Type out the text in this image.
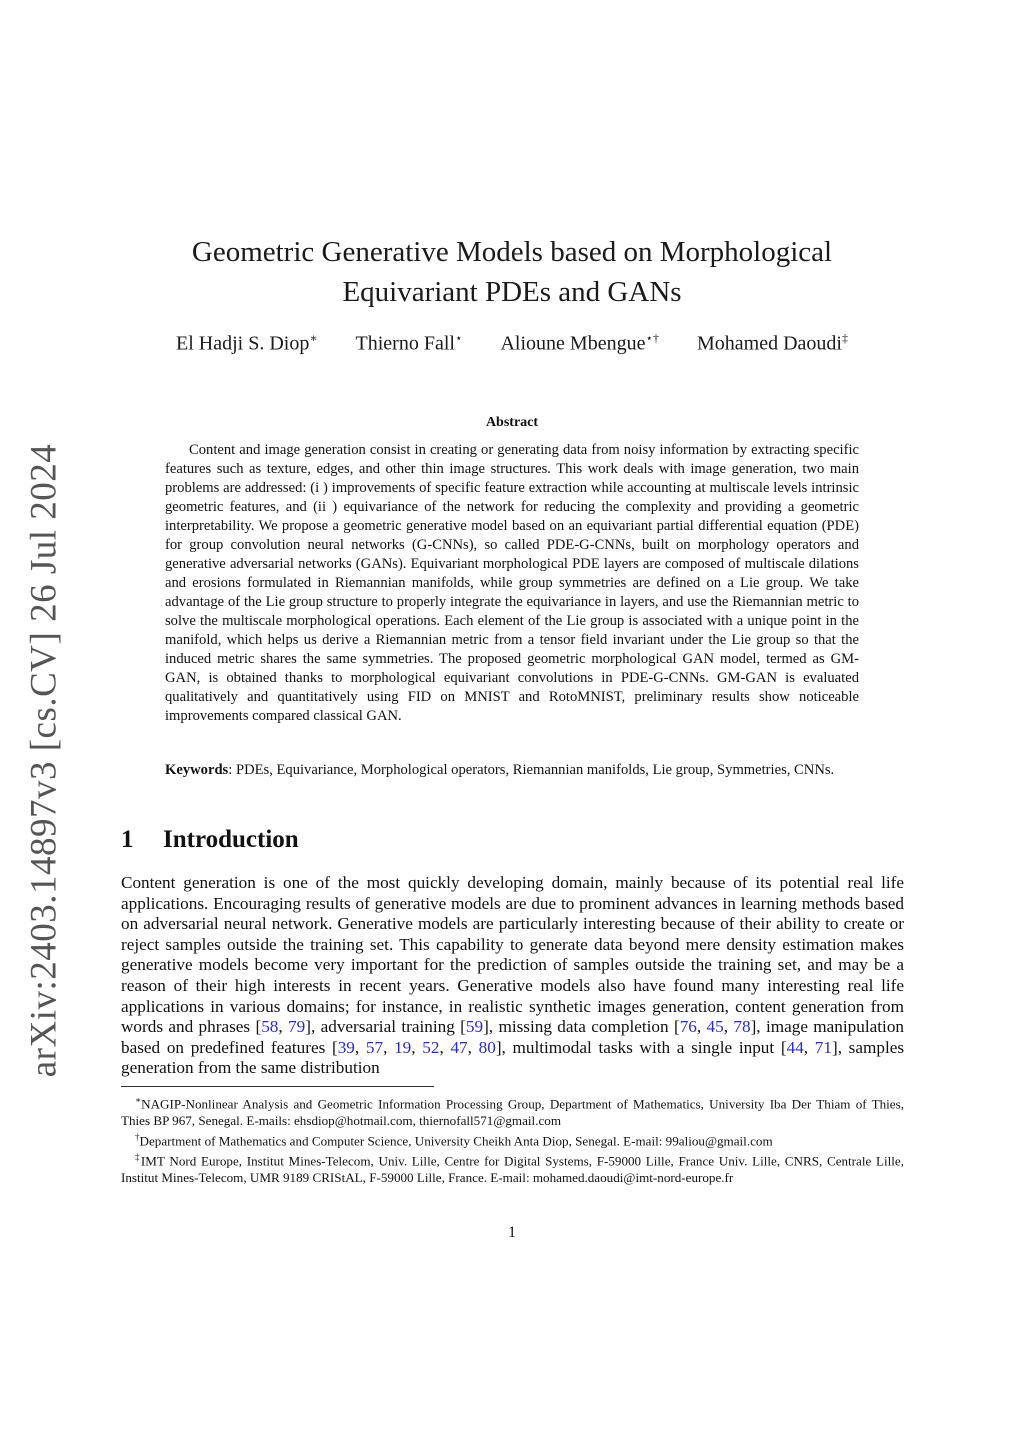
arXiv:2403.14897v3 [cs.CV] 26 Jul 2024
Geometric Generative Models based on Morphological
Equivariant PDEs and GANs
El Hadji S. Diop∗ Thierno Fall⋆ Alioune Mbengue⋆† Mohamed Daoudi‡
Abstract

Content and image generation consist in creating or generating data from noisy information by extracting specific features such as texture, edges, and other thin image structures. This work deals with image generation, two main problems are addressed: (i ) improvements of specific feature extraction while accounting at multiscale levels intrinsic geometric features, and (ii ) equivariance of the network for reducing the complexity and providing a geometric interpretability. We propose a geometric generative model based on an equivariant partial differential equation (PDE) for group convolution neural networks (G-CNNs), so called PDE-G-CNNs, built on morphology operators and generative adversarial networks (GANs). Equivariant morphological PDE layers are composed of multiscale dilations and erosions formulated in Riemannian manifolds, while group symmetries are defined on a Lie group. We take advantage of the Lie group structure to properly integrate the equivariance in layers, and use the Riemannian metric to solve the multiscale morphological operations. Each element of the Lie group is associated with a unique point in the manifold, which helps us derive a Riemannian metric from a tensor field invariant under the Lie group so that the induced metric shares the same symmetries. The proposed geometric morphological GAN model, termed as GM-GAN, is obtained thanks to morphological equivariant convolutions in PDE-G-CNNs. GM-GAN is evaluated qualitatively and quantitatively using FID on MNIST and RotoMNIST, preliminary results show noticeable improvements compared classical GAN.

Keywords: PDEs, Equivariance, Morphological operators, Riemannian manifolds, Lie group, Symmetries, CNNs.

1 Introduction

Content generation is one of the most quickly developing domain, mainly because of its potential real life applications. Encouraging results of generative models are due to prominent advances in learning methods based on adversarial neural network. Generative models are particularly interesting because of their ability to create or reject samples outside the training set. This capability to generate data beyond mere density estimation makes generative models become very important for the prediction of samples outside the training set, and may be a reason of their high interests in recent years. Generative models also have found many interesting real life applications in various domains; for instance, in realistic synthetic images generation, content generation from words and phrases [58, 79], adversarial training [59], missing data completion [76, 45, 78], image manipulation based on predefined features [39, 57, 19, 52, 47, 80], multimodal tasks with a single input [44, 71], samples generation from the same distribution

∗NAGIP-Nonlinear Analysis and Geometric Information Processing Group, Department of Mathematics, University Iba Der Thiam of Thies, Thies BP 967, Senegal. E-mails: ehsdiop@hotmail.com, thiernofall571@gmail.com

†Department of Mathematics and Computer Science, University Cheikh Anta Diop, Senegal. E-mail: 99aliou@gmail.com

‡IMT Nord Europe, Institut Mines-Telecom, Univ. Lille, Centre for Digital Systems, F-59000 Lille, France Univ. Lille, CNRS, Centrale Lille, Institut Mines-Telecom, UMR 9189 CRIStAL, F-59000 Lille, France. E-mail: mohamed.daoudi@imt-nord-europe.fr

1
